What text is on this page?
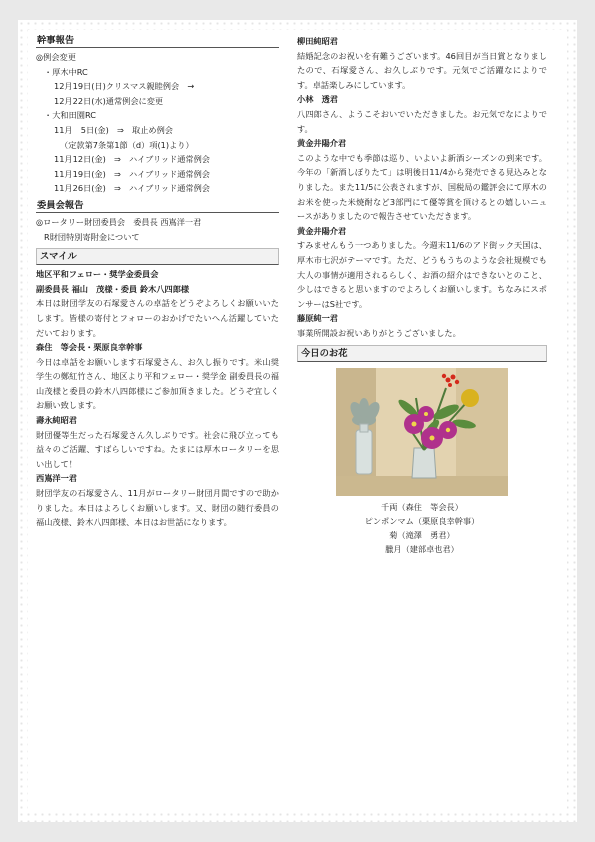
幹事報告
◎例会変更
・厚木中RC
12月19日(日)クリスマス親睦例会　→
12月22日(水)通常例会に変更
・大和田園RC
11月　5日(金)　⇒　取止め例会
（定款第7条第1節（d）項(1)より）
11月12日(金)　⇒　ハイブリッド通常例会
11月19日(金)　⇒　ハイブリッド通常例会
11月26日(金)　⇒　ハイブリッド通常例会
委員会報告
◎ロータリー財団委員会　委員長 西嶌洋一君
R財団特別寄附金について
スマイル
地区平和フェロー・奨学金委員会
副委員長 福山　茂様・委員 鈴木八四郎様
本日は財団学友の石塚愛さんの卓話をどうぞよろしくお願いいたします。皆様の寄付とフォローのおかげでたいへん活躍していただいております。
森住　等会長・栗原良幸幹事
今日は卓話をお願いします石塚愛さん、お久し振りです。米山奨学生の鄭紅竹さん、地区より平和フェロー・奨学金 副委員長の福山茂様と委員の鈴木八四郎様にご参加頂きました。どうぞ宜しくお願い致します。
壽永純昭君
財団優等生だった石塚愛さん久しぶりです。社会に飛び立っても益々のご活躍、すばらしいですね。たまには厚木ロータリーを思い出して！
西嶌洋一君
財団学友の石塚愛さん、11月がロータリー財団月間ですので助かりました。本日はよろしくお願いします。又、財団の随行委員の福山茂様、鈴木八四郎様、本日はお世話になります。
柳田純昭君
結婚記念のお祝いを有難うございます。46回目が当日賞となりましたので、石塚愛さん、お久しぶりです。元気でご活躍なによりです。卓話楽しみにしています。
小林　透君
八四郎さん、ようこそおいでいただきました。お元気でなによりです。
黄金井陽介君
このような中でも季節は巡り、いよいよ新酒シーズンの到来です。今年の「新酒しぼりたて」は明後日11/4から発売できる見込みとなりました。また11/5に公表されますが、国税局の鑑評会にて厚木のお米を使った米焼酎など3部門にて優等賞を頂けるとの嬉しいニュースがありましたので報告させていただきます。
黄金井陽介君
すみませんもう一つありました。今週末11/6のアド街ック天国は、厚木市七沢がテーマです。ただ、どうもうちのような会社規模でも大人の事情が適用されるらしく、お酒の紹介はできないとのこと、少しはできると思いますのでよろしくお願いします。ちなみにスポンサーはS社です。
藤原純一君
事業所開設お祝いありがとうございました。
今日のお花
千両（森住　等会長）
ピンポンマム（栗原良幸幹事）
菊（滝澤　勇君）
臘月（建部卓也君）
